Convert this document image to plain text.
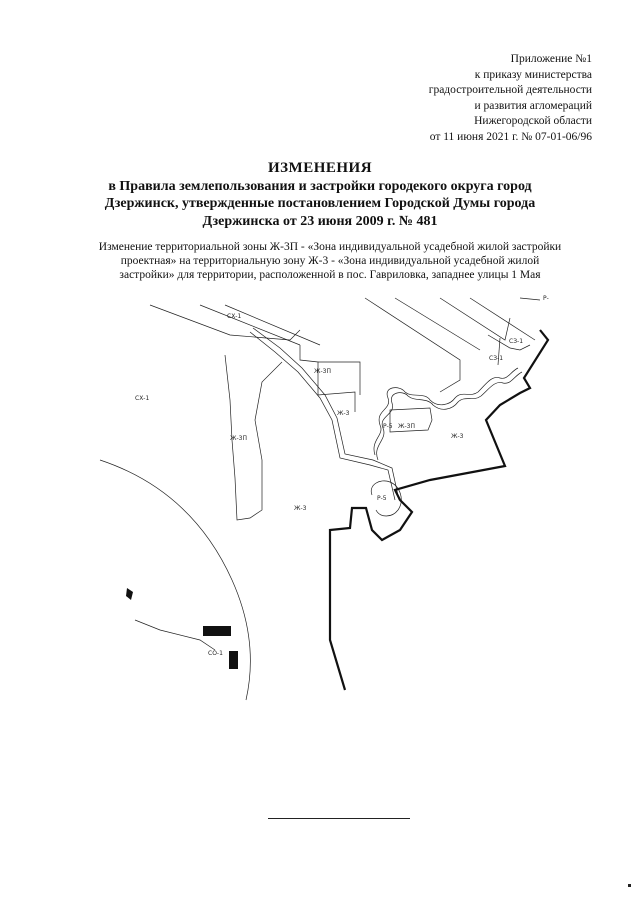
Приложение №1
к приказу министерства
градостроительной деятельности
и развития агломераций
Нижегородской области
от 11 июня 2021 г. № 07-01-06/96
ИЗМЕНЕНИЯ
в Правила землепользования и застройки городекого округа город
Дзержинск, утвержденные постановлением Городской Думы города
Дзержинска от 23 июня 2009 г. № 481
Изменение территориальной зоны Ж-3П - «Зона индивидуальной усадебной жилой застройки
проектная» на территориальную зону Ж-3 - «Зона индивидуальной усадебной жилой
застройки» для территории, расположенной в пос. Гавриловка, западнее улицы 1 Мая
СХ-1
СХ-1
Ж-3П
Ж-3П
Ж-3П
Ж-3
Ж-3
Ж-3
Р-5
Р-5
Р-
СЗ-1
СЗ-1
СО-1
